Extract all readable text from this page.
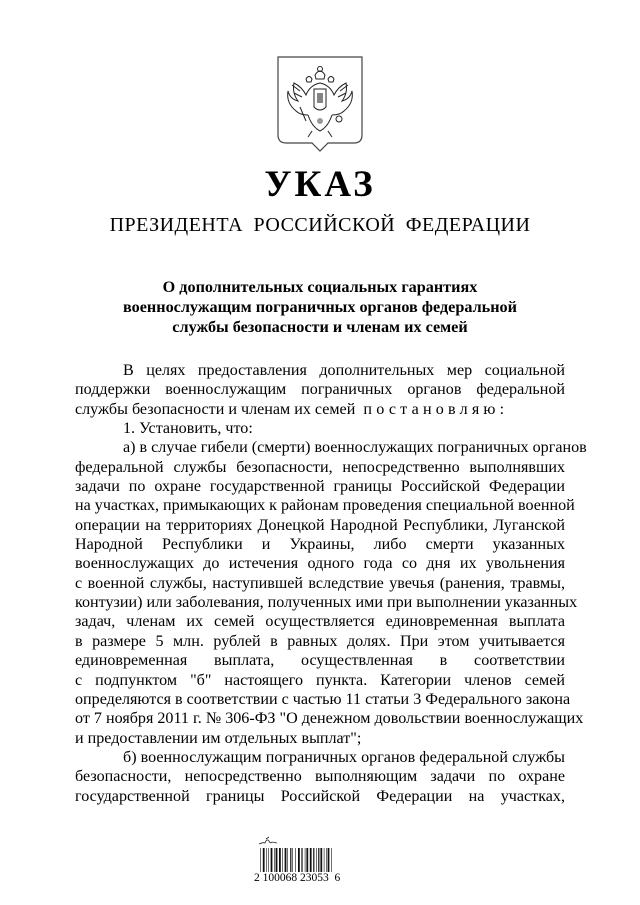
УКАЗ
ПРЕЗИДЕНТА РОССИЙСКОЙ ФЕДЕРАЦИИ
О дополнительных социальных гарантиях
военнослужащим пограничных органов федеральной
службы безопасности и членам их семей
В целях предоставления дополнительных мер социальной
поддержки военнослужащим пограничных органов федеральной
службы безопасности и членам их семей постановляю:
1. Установить, что:
а) в случае гибели (смерти) военнослужащих пограничных органов
федеральной службы безопасности, непосредственно выполнявших
задачи по охране государственной границы Российской Федерации
на участках, примыкающих к районам проведения специальной военной
операции на территориях Донецкой Народной Республики, Луганской
Народной Республики и Украины, либо смерти указанных
военнослужащих до истечения одного года со дня их увольнения
с военной службы, наступившей вследствие увечья (ранения, травмы,
контузии) или заболевания, полученных ими при выполнении указанных
задач, членам их семей осуществляется единовременная выплата
в размере 5 млн. рублей в равных долях. При этом учитывается
единовременная выплата, осуществленная в соответствии
с подпунктом "б" настоящего пункта. Категории членов семей
определяются в соответствии с частью 11 статьи 3 Федерального закона
от 7 ноября 2011 г. № 306-ФЗ "О денежном довольствии военнослужащих
и предоставлении им отдельных выплат";
б) военнослужащим пограничных органов федеральной службы
безопасности, непосредственно выполняющим задачи по охране
государственной границы Российской Федерации на участках,
2 100068 23053  6
